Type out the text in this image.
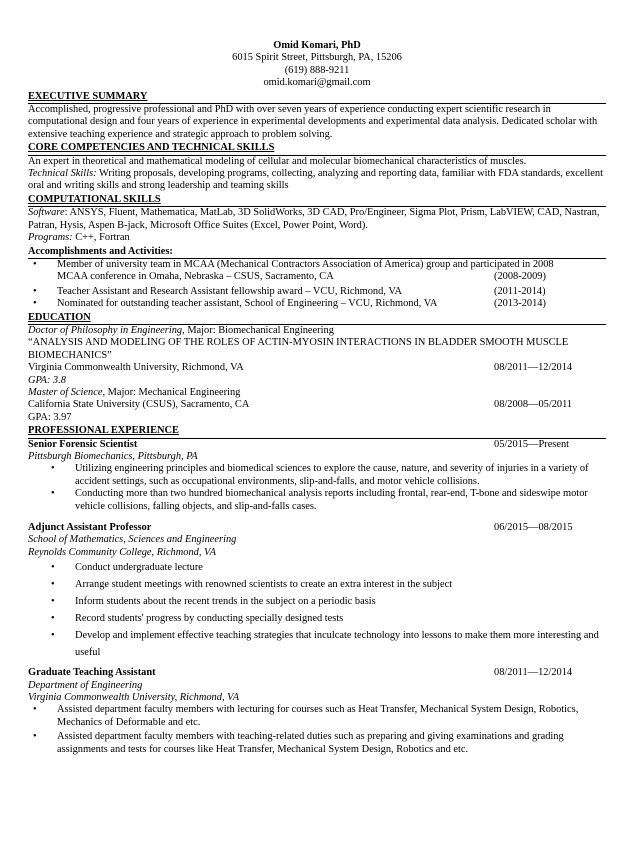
Omid Komari, PhD
6015 Spirit Street, Pittsburgh, PA, 15206
(619) 888-9211
omid.komari@gmail.com
EXECUTIVE SUMMARY
Accomplished, progressive professional and PhD with over seven years of experience conducting expert scientific research in computational design and four years of experience in experimental developments and experimental data analysis. Dedicated scholar with extensive teaching experience and strategic approach to problem solving.
CORE COMPETENCIES AND TECHNICAL SKILLS
An expert in theoretical and mathematical modeling of cellular and molecular biomechanical characteristics of muscles.
Technical Skills: Writing proposals, developing programs, collecting, analyzing and reporting data, familiar with FDA standards, excellent oral and writing skills and strong leadership and teaming skills
COMPUTATIONAL SKILLS
Software: ANSYS, Fluent, Mathematica, MatLab, 3D SolidWorks, 3D CAD, Pro/Engineer, Sigma Plot, Prism, LabVIEW, CAD, Nastran, Patran, Hysis, Aspen B-jack, Microsoft Office Suites (Excel, Power Point, Word).
Programs: C++, Fortran
Accomplishments and Activities:
• Member of university team in MCAA (Mechanical Contractors Association of America) group and participated in 2008
MCAA conference in Omaha, Nebraska – CSUS, Sacramento, CA	(2008-2009)
• Teacher Assistant and Research Assistant fellowship award – VCU, Richmond, VA	(2011-2014)
• Nominated for outstanding teacher assistant, School of Engineering – VCU, Richmond, VA	(2013-2014)
EDUCATION
Doctor of Philosophy in Engineering, Major: Biomechanical Engineering
“ANALYSIS AND MODELING OF THE ROLES OF ACTIN-MYOSIN INTERACTIONS IN BLADDER SMOOTH MUSCLE BIOMECHANICS”
Virginia Commonwealth University, Richmond, VA	08/2011—12/2014
GPA: 3.8
Master of Science, Major: Mechanical Engineering
California State University (CSUS), Sacramento, CA	08/2008—05/2011
GPA: 3.97
PROFESSIONAL EXPERIENCE
Senior Forensic Scientist	05/2015—Present
Pittsburgh Biomechanics, Pittsburgh, PA
• Utilizing engineering principles and biomedical sciences to explore the cause, nature, and severity of injuries in a variety of accident settings, such as occupational environments, slip-and-falls, and motor vehicle collisions.
• Conducting more than two hundred biomechanical analysis reports including frontal, rear-end, T-bone and sideswipe motor vehicle collisions, falling objects, and slip-and-falls cases.
Adjunct Assistant Professor	06/2015—08/2015
School of Mathematics, Sciences and Engineering
Reynolds Community College, Richmond, VA
• Conduct undergraduate lecture
• Arrange student meetings with renowned scientists to create an extra interest in the subject
• Inform students about the recent trends in the subject on a periodic basis
• Record students' progress by conducting specially designed tests
• Develop and implement effective teaching strategies that inculcate technology into lessons to make them more interesting and useful
Graduate Teaching Assistant	08/2011—12/2014
Department of Engineering
Virginia Commonwealth University, Richmond, VA
• Assisted department faculty members with lecturing for courses such as Heat Transfer, Mechanical System Design, Robotics, Mechanics of Deformable and etc.
• Assisted department faculty members with teaching-related duties such as preparing and giving examinations and grading assignments and tests for courses like Heat Transfer, Mechanical System Design, Robotics and etc.
